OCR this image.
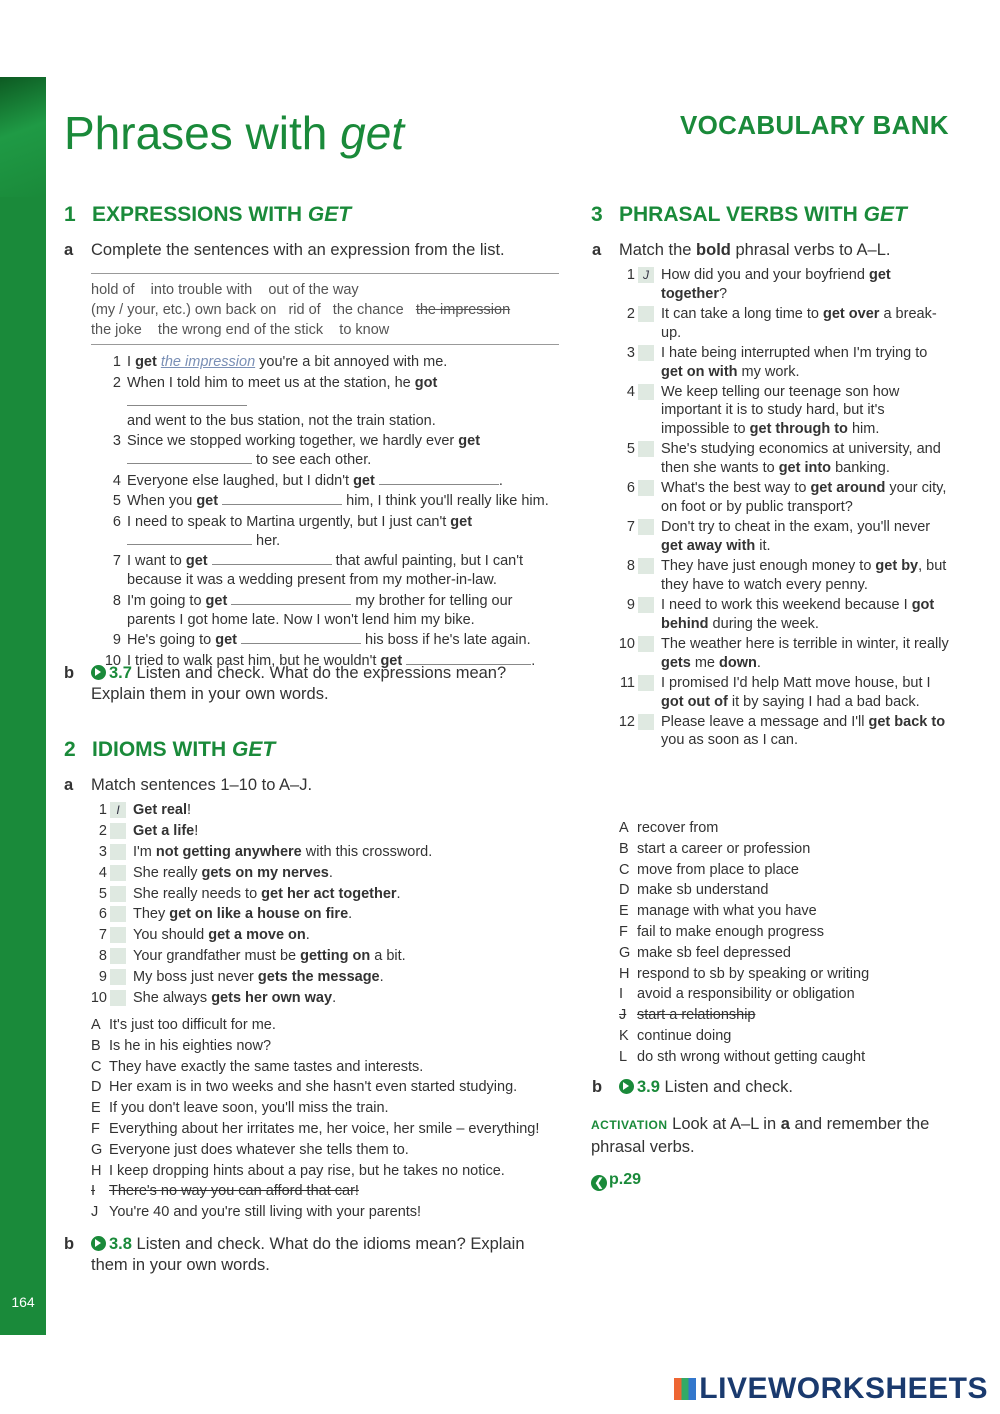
164
Phrases with get	VOCABULARY BANK
1 EXPRESSIONS WITH GET
a Complete the sentences with an expression from the list.
hold of into trouble with out of the way
(my / your, etc.) own back on rid of the chance the impression
the joke the wrong end of the stick to know
1 I get the impression you're a bit annoyed with me.
2 When I told him to meet us at the station, he got
and went to the bus station, not the train station.
3 Since we stopped working together, we hardly ever get
to see each other.
4 Everyone else laughed, but I didn't get	.
5 When you get	him, I think you'll really like him.
6 I need to speak to Martina urgently, but I just can't get
her.
7 I want to get	that awful painting, but I can't
because it was a wedding present from my mother-in-law.
8 I'm going to get	my brother for telling our
parents I got home late. Now I won't lend him my bike.
9 He's going to get	his boss if he's late again.
10 I tried to walk past him, but he wouldn't get	.
b 3.7 Listen and check. What do the expressions mean? Explain them in your own words.
2 IDIOMS WITH GET
a Match sentences 1–10 to A–J.
1 I Get real!
2 Get a life!
3 I'm not getting anywhere with this crossword.
4 She really gets on my nerves.
5 She really needs to get her act together.
6 They get on like a house on fire.
7 You should get a move on.
8 Your grandfather must be getting on a bit.
9 My boss just never gets the message.
10 She always gets her own way.
A It's just too difficult for me.
B Is he in his eighties now?
C They have exactly the same tastes and interests.
D Her exam is in two weeks and she hasn't even started studying.
E If you don't leave soon, you'll miss the train.
F Everything about her irritates me, her voice, her smile – everything!
G Everyone just does whatever she tells them to.
H I keep dropping hints about a pay rise, but he takes no notice.
I There's no way you can afford that car!
J You're 40 and you're still living with your parents!
b 3.8 Listen and check. What do the idioms mean? Explain them in your own words.
3 PHRASAL VERBS WITH GET
a Match the bold phrasal verbs to A–L.
1 J How did you and your boyfriend get together?
2 It can take a long time to get over a break-up.
3 I hate being interrupted when I'm trying to get on with my work.
4 We keep telling our teenage son how important it is to study hard, but it's impossible to get through to him.
5 She's studying economics at university, and then she wants to get into banking.
6 What's the best way to get around your city, on foot or by public transport?
7 Don't try to cheat in the exam, you'll never get away with it.
8 They have just enough money to get by, but they have to watch every penny.
9 I need to work this weekend because I got behind during the week.
10 The weather here is terrible in winter, it really gets me down.
11 I promised I'd help Matt move house, but I got out of it by saying I had a bad back.
12 Please leave a message and I'll get back to you as soon as I can.
A recover from
B start a career or profession
C move from place to place
D make sb understand
E manage with what you have
F fail to make enough progress
G make sb feel depressed
H respond to sb by speaking or writing
I avoid a responsibility or obligation
J start a relationship
K continue doing
L do sth wrong without getting caught
b 3.9 Listen and check.
ACTIVATION Look at A–L in a and remember the phrasal verbs.
❮ p.29
LIVEWORKSHEETS
